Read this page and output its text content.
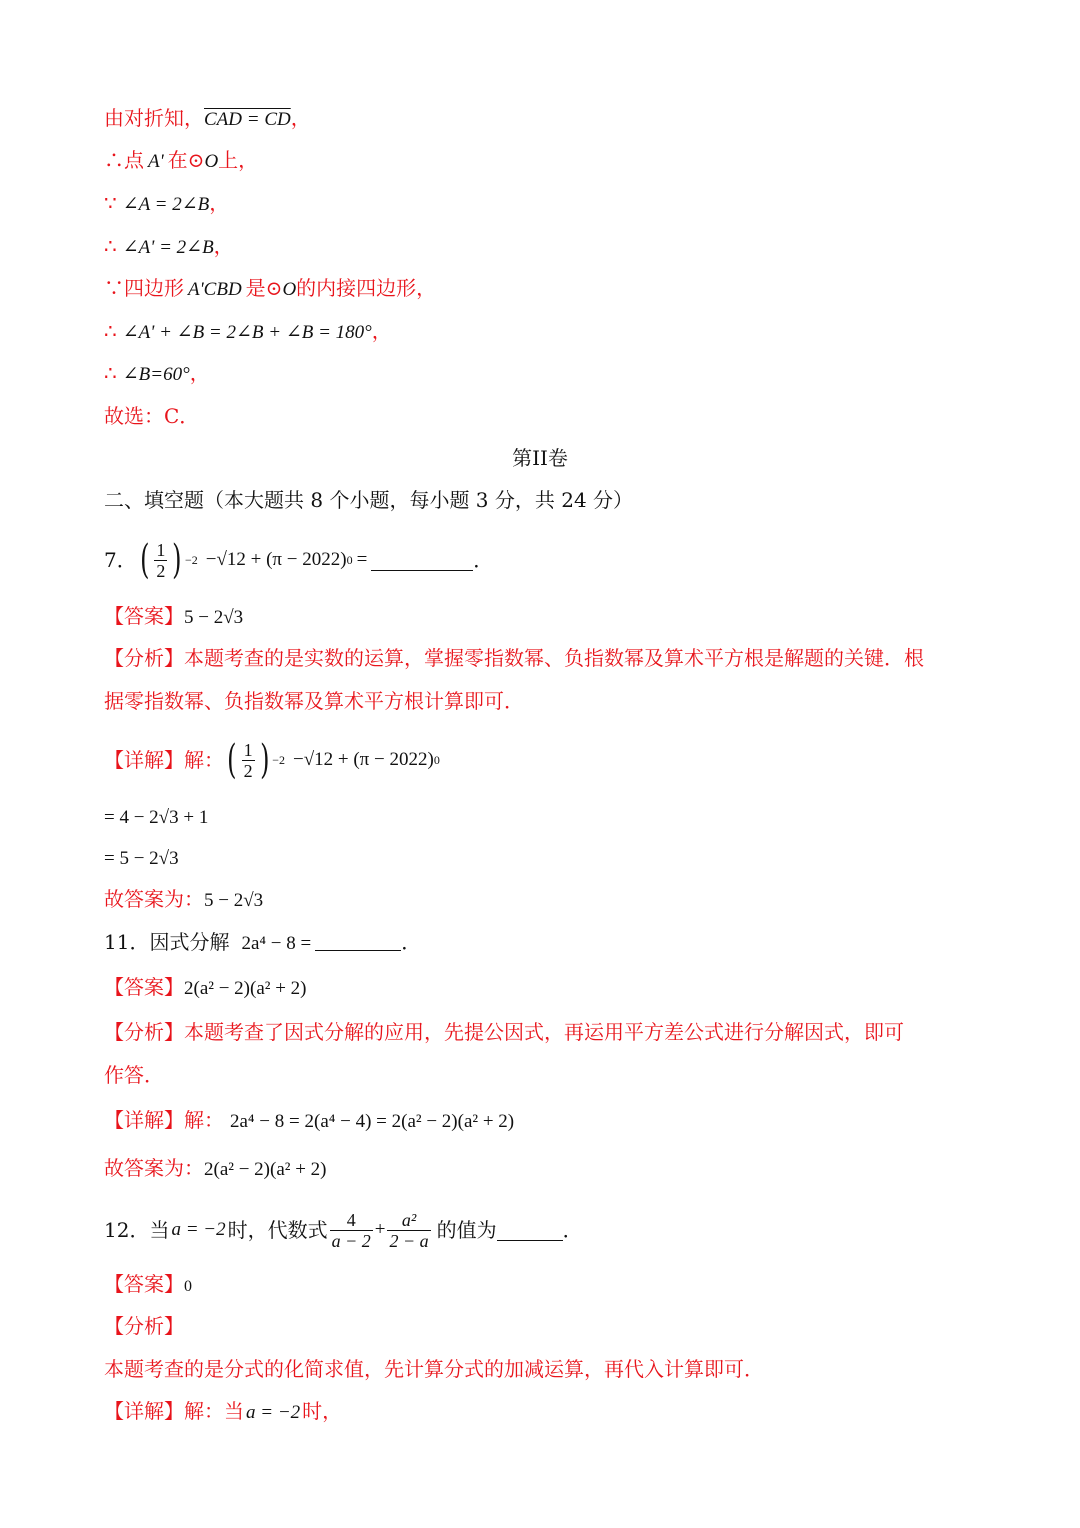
由对折知，CAD = CD，
∴点 A' 在⊙O上，
∵ ∠A = 2∠B，
∴ ∠A' = 2∠B，
∵四边形 A'CBD 是⊙O的内接四边形，
∴ ∠A' + ∠B = 2∠B + ∠B = 180°，
∴ ∠B=60°，
故选：C．
第II卷
二、填空题（本大题共 8 个小题，每小题 3 分，共 24 分）
7． ( $\frac{1}{2}$ ) −2 −√12 + (π − 2022) 0 =	．
【答案】5 − 2√3
【分析】本题考查的是实数的运算，掌握零指数幂、负指数幂及算术平方根是解题的关键．根
据零指数幂、负指数幂及算术平方根计算即可．
【详解】 解： ( $\frac{1}{2}$ ) −2 −√12 + (π − 2022) 0
= 4 − 2√3 + 1
= 5 − 2√3
故答案为：5 − 2√3
11．因式分解 2a⁴ − 8 =	．
【答案】2(a² − 2)(a² + 2)
【分析】本题考查了因式分解的应用，先提公因式，再运用平方差公式进行分解因式，即可
作答．
【详解】解： 2a⁴ − 8 = 2(a⁴ − 4) = 2(a² − 2)(a² + 2)
故答案为：2(a² − 2)(a² + 2)
12．当 a = −2 时，代数式 $\frac{4}{a - 2} + \frac{\text{a²}}{2 - a}$ 的值为	．
【答案】0
【分析】
本题考查的是分式的化简求值，先计算分式的加减运算，再代入计算即可．
【详解】解：当 a = −2 时，
